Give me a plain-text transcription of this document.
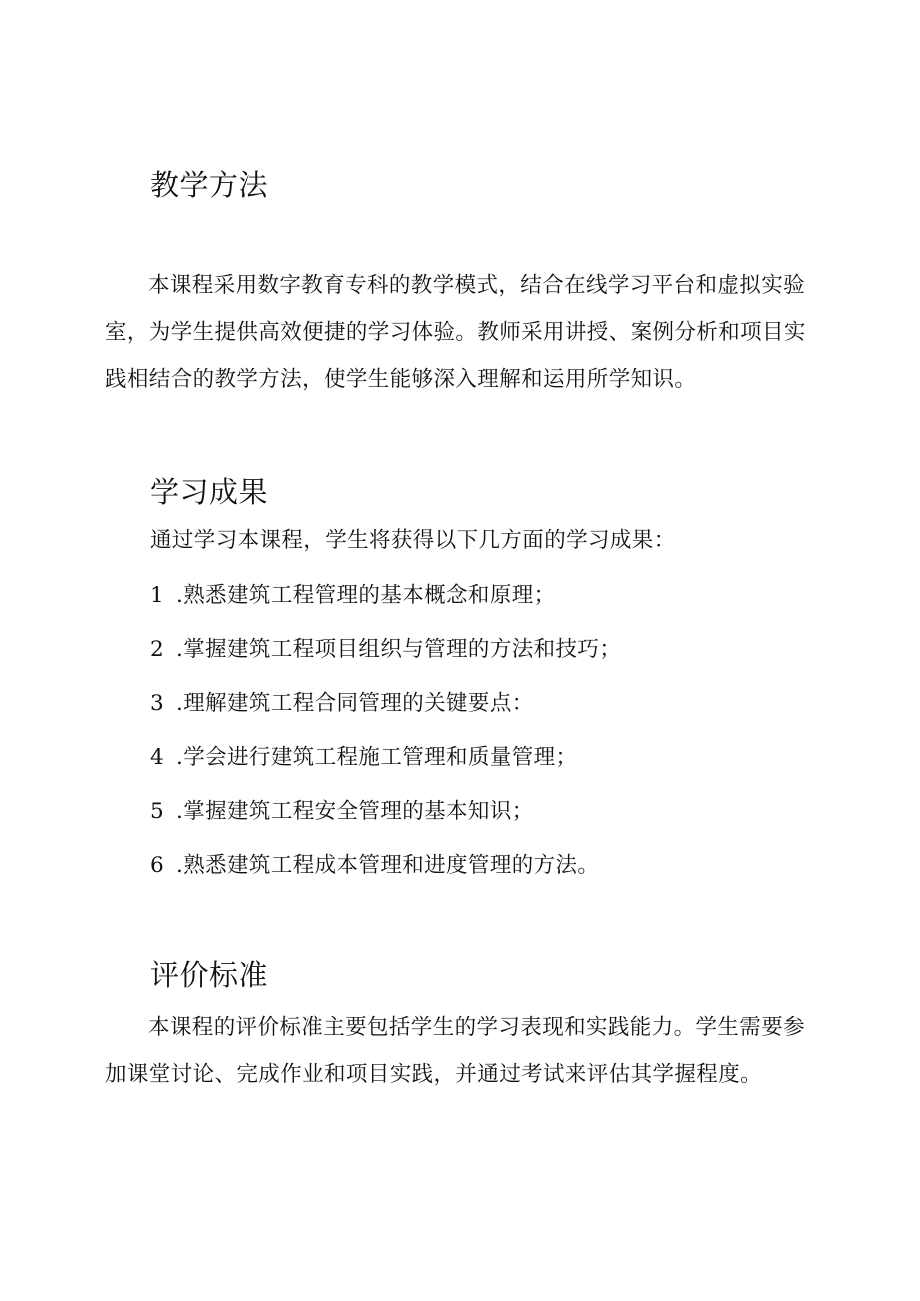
教学方法

本课程采用数字教育专科的教学模式，结合在线学习平台和虚拟实验室，为学生提供高效便捷的学习体验。教师采用讲授、案例分析和项目实践相结合的教学方法，使学生能够深入理解和运用所学知识。

学习成果

通过学习本课程，学生将获得以下几方面的学习成果：

1 .熟悉建筑工程管理的基本概念和原理；

2 .掌握建筑工程项目组织与管理的方法和技巧；

3 .理解建筑工程合同管理的关键要点：

4 .学会进行建筑工程施工管理和质量管理；

5 .掌握建筑工程安全管理的基本知识；

6 .熟悉建筑工程成本管理和进度管理的方法。

评价标准

本课程的评价标准主要包括学生的学习表现和实践能力。学生需要参加课堂讨论、完成作业和项目实践，并通过考试来评估其学握程度。
